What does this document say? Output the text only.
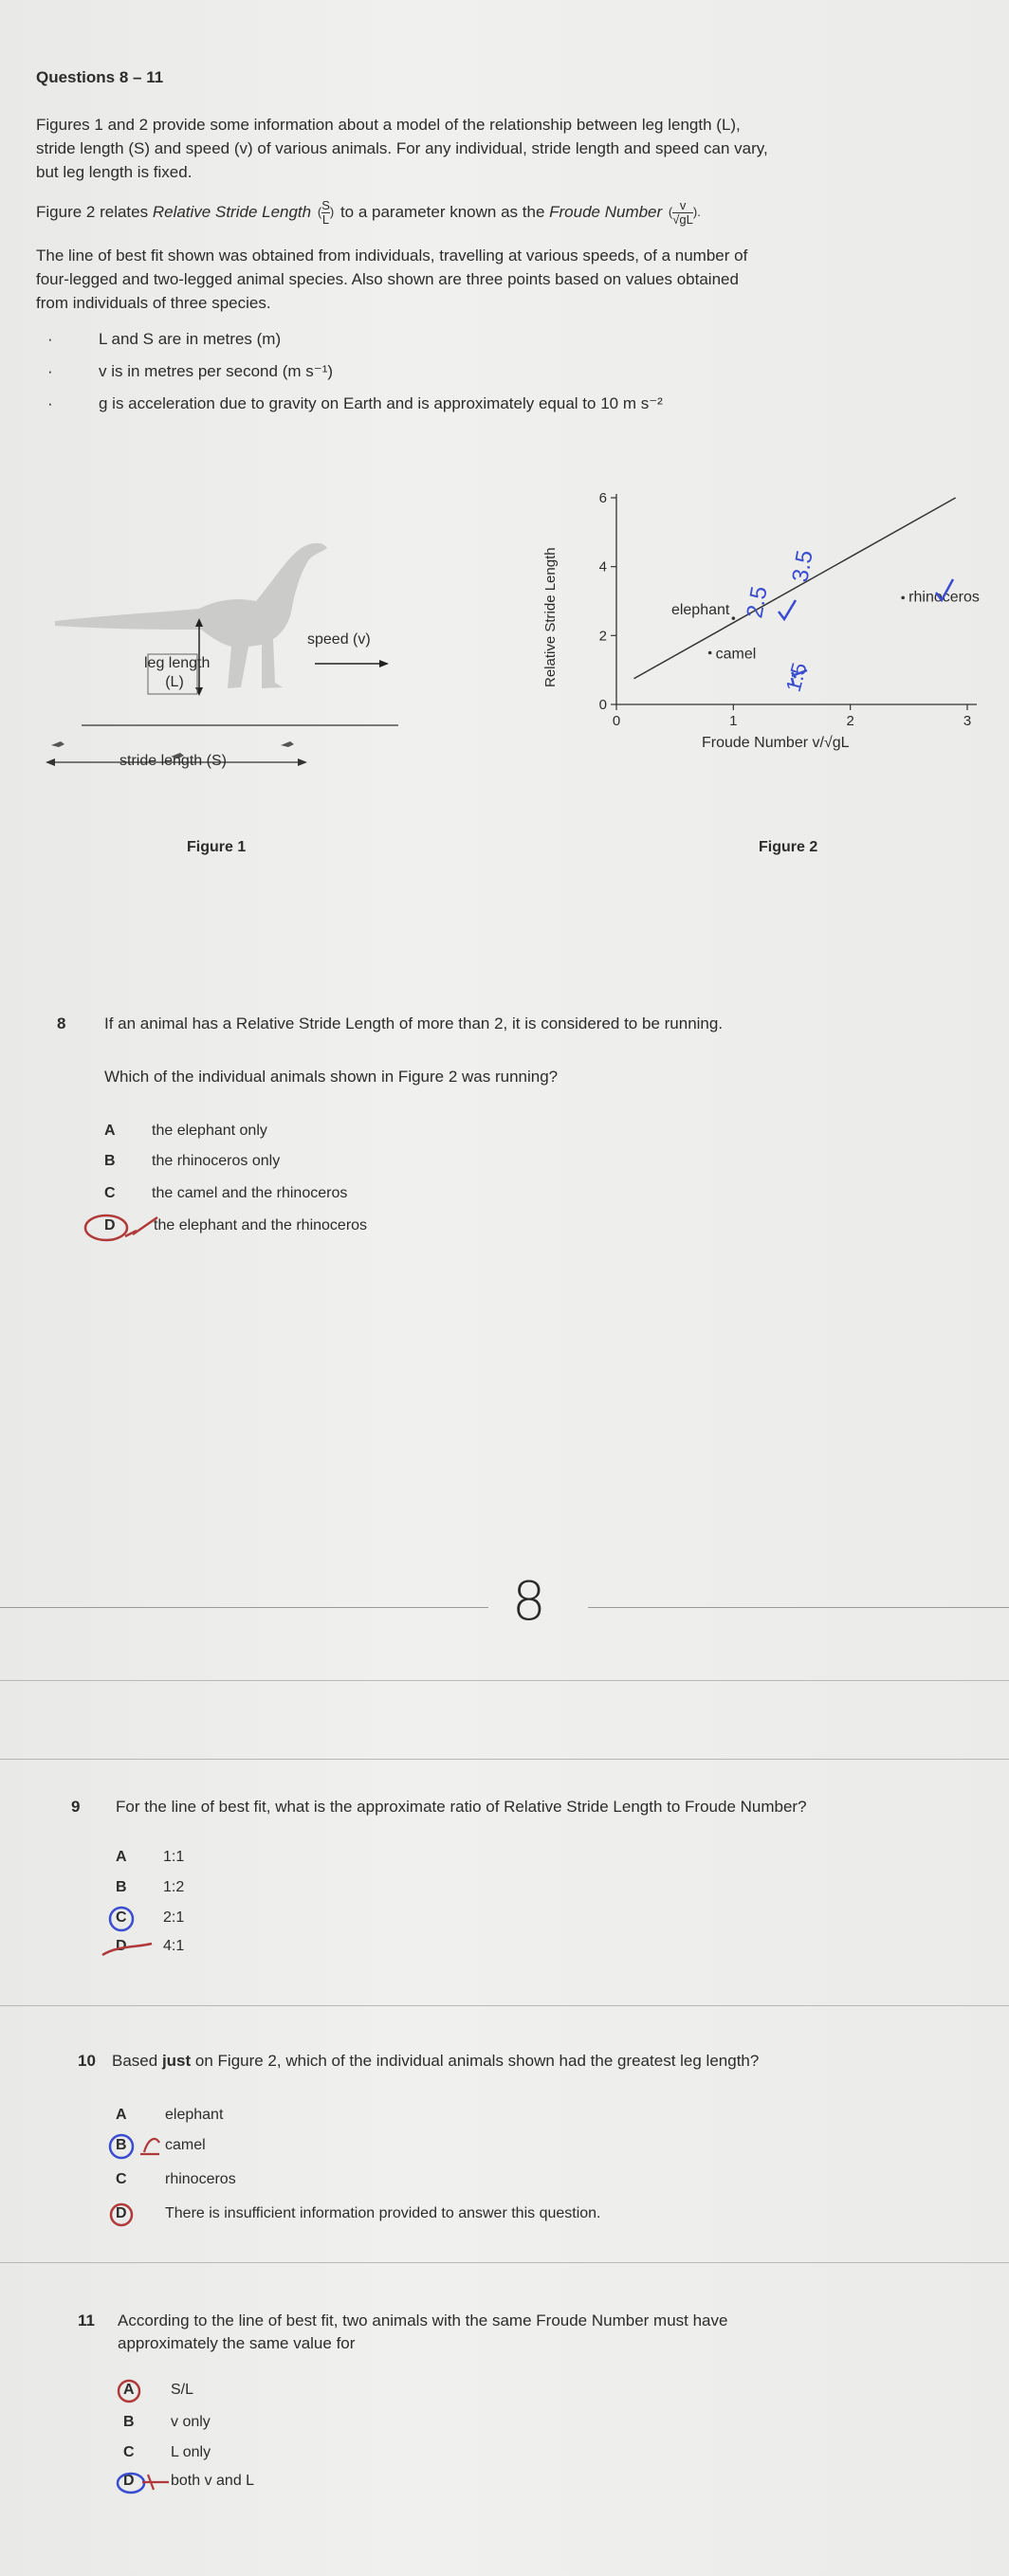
Questions 8 – 11
Figures 1 and 2 provide some information about a model of the relationship between leg length (L),
stride length (S) and speed (v) of various animals. For any individual, stride length and speed can vary,
but leg length is fixed.
Figure 2 relates Relative Stride Length ( $\frac{S}{L}$ ) to a parameter known as the Froude Number ( $\frac{v}{√gL}$ ).
The line of best fit shown was obtained from individuals, travelling at various speeds, of a number of
four-legged and two-legged animal species. Also shown are three points based on values obtained
from individuals of three species.
·	L and S are in metres (m)
·	v is in metres per second (m s⁻¹)
·	g is acceleration due to gravity on Earth and is approximately equal to 10 m s⁻²
leg length
(L)
speed (v)
stride length (S)
Figure 1
0	1	2	3
0
2
4
6
elephant
camel
rhinoceros
Relative Stride Length
Froude Number v/√gL
2.5
3.5
1.5
Figure 2
8 If an animal has a Relative Stride Length of more than 2, it is considered to be running.
Which of the individual animals shown in Figure 2 was running?
A the elephant only
B the rhinoceros only
C the camel and the rhinoceros
D	the elephant and the rhinoceros
8
9 For the line of best fit, what is the approximate ratio of Relative Stride Length to Froude Number?
A 1:1
B 1:2
C 2:1
D 4:1
10 Based just on Figure 2, which of the individual animals shown had the greatest leg length?
A	elephant
B	camel
C	rhinoceros
D	There is insufficient information provided to answer this question.
11 According to the line of best fit, two animals with the same Froude Number must have
approximately the same value for
A S/L
B v only
C L only
D both v and L
